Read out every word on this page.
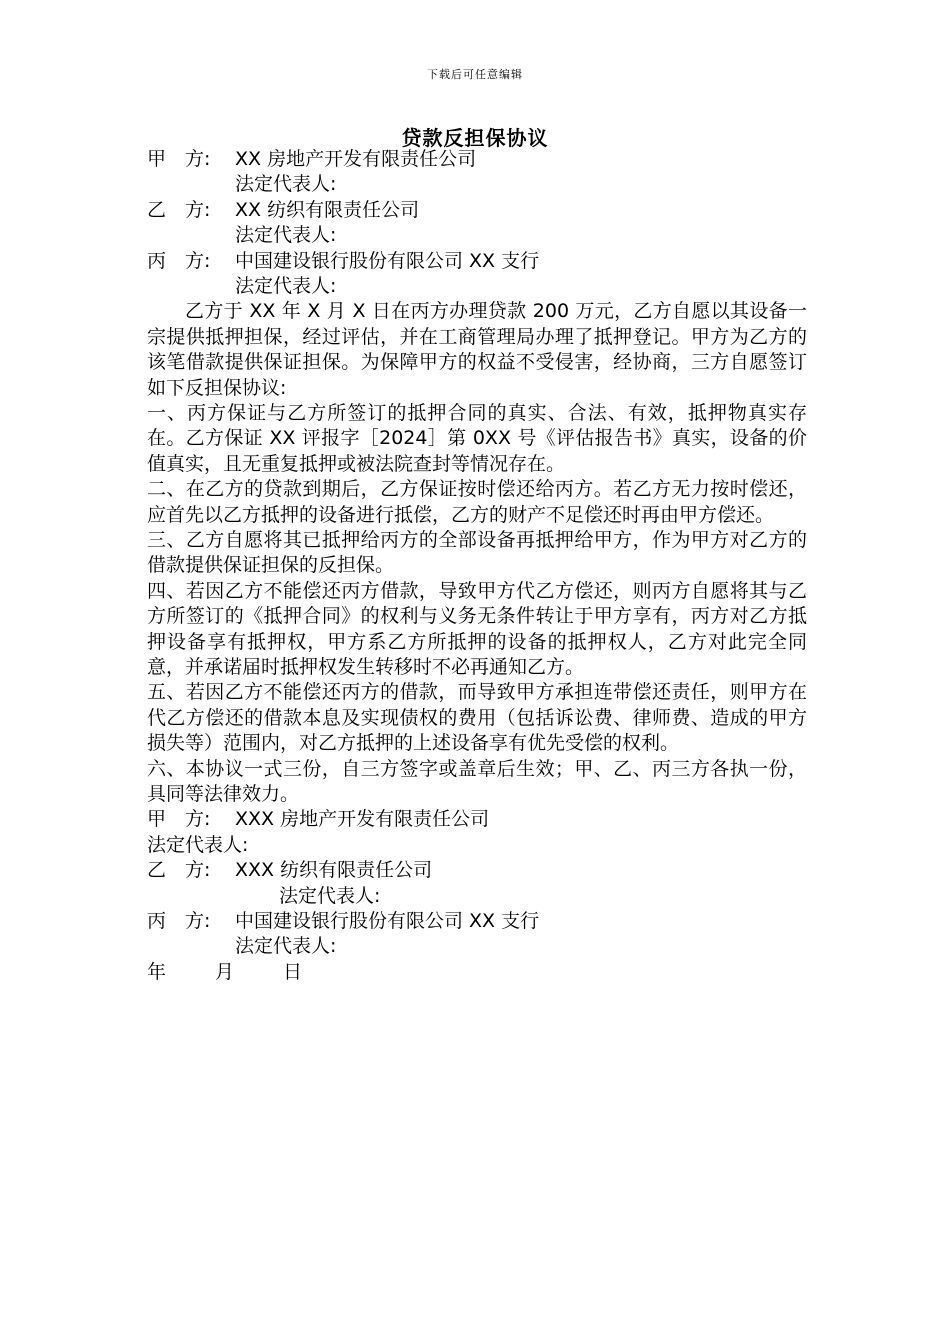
下载后可任意编辑
贷款反担保协议
甲　方: XX 房地产开发有限责任公司
法定代表人:
乙　方: XX 纺织有限责任公司
法定代表人:
丙　方: 中国建设银行股份有限公司 XX 支行
法定代表人:
乙方于 XX 年 X 月 X 日在丙方办理贷款 200 万元，乙方自愿以其设备一宗提供抵押担保，经过评估，并在工商管理局办理了抵押登记。甲方为乙方的该笔借款提供保证担保。为保障甲方的权益不受侵害，经协商，三方自愿签订如下反担保协议:
一、丙方保证与乙方所签订的抵押合同的真实、合法、有效，抵押物真实存在。乙方保证 XX 评报字［2024］第 0XX 号《评估报告书》真实，设备的价值真实，且无重复抵押或被法院查封等情况存在。
二、在乙方的贷款到期后，乙方保证按时偿还给丙方。若乙方无力按时偿还，应首先以乙方抵押的设备进行抵偿，乙方的财产不足偿还时再由甲方偿还。
三、乙方自愿将其已抵押给丙方的全部设备再抵押给甲方，作为甲方对乙方的借款提供保证担保的反担保。
四、若因乙方不能偿还丙方借款，导致甲方代乙方偿还，则丙方自愿将其与乙方所签订的《抵押合同》的权利与义务无条件转让于甲方享有，丙方对乙方抵押设备享有抵押权，甲方系乙方所抵押的设备的抵押权人，乙方对此完全同意，并承诺届时抵押权发生转移时不必再通知乙方。
五、若因乙方不能偿还丙方的借款，而导致甲方承担连带偿还责任，则甲方在代乙方偿还的借款本息及实现债权的费用（包括诉讼费、律师费、造成的甲方损失等）范围内，对乙方抵押的上述设备享有优先受偿的权利。
六、本协议一式三份，自三方签字或盖章后生效；甲、乙、丙三方各执一份，具同等法律效力。
甲　方: XXX 房地产开发有限责任公司
法定代表人:
乙　方: XXX 纺织有限责任公司
法定代表人:
丙　方: 中国建设银行股份有限公司 XX 支行
法定代表人:
年	月	日
